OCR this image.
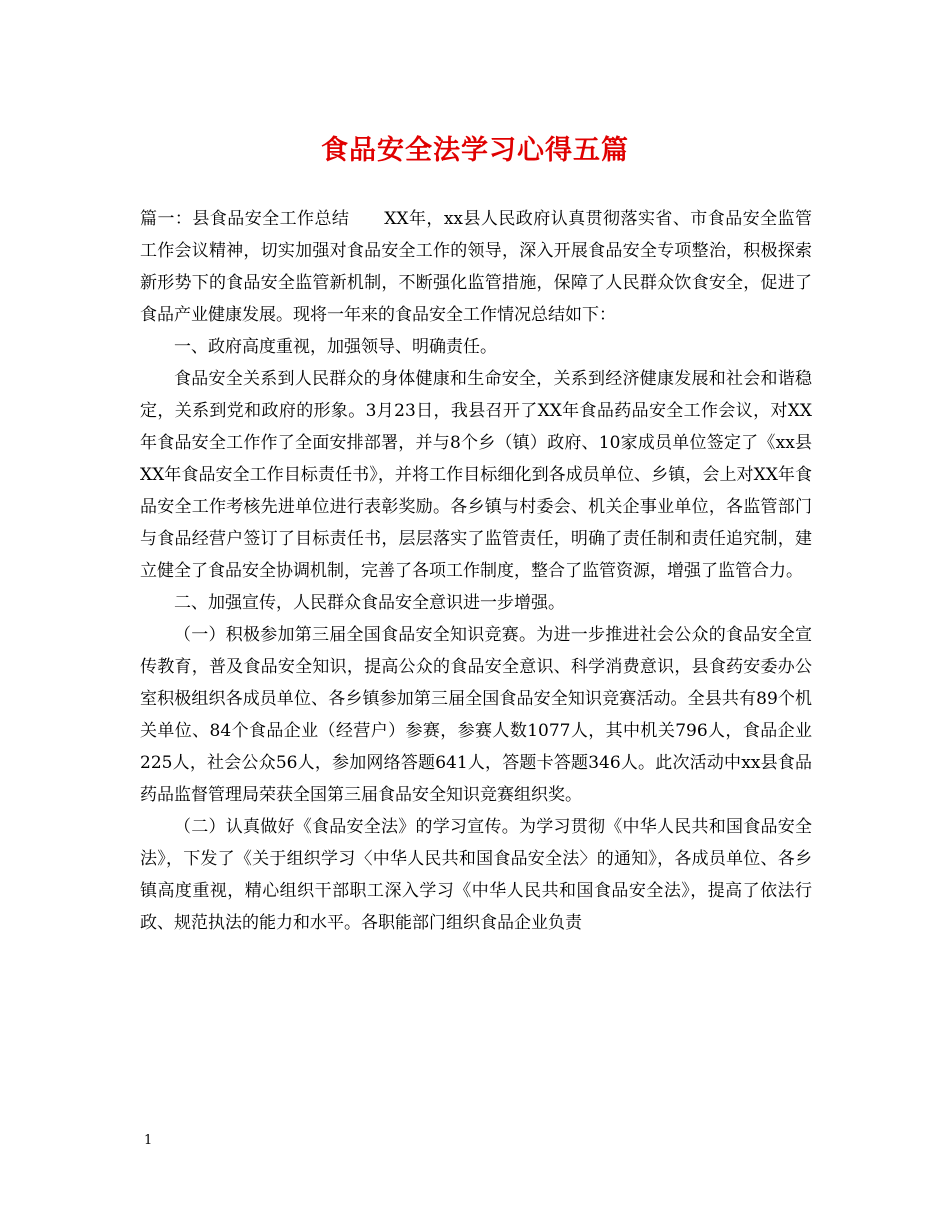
食品安全法学习心得五篇

篇一：县食品安全工作总结　　XX年，xx县人民政府认真贯彻落实省、市食品安全监管工作会议精神，切实加强对食品安全工作的领导，深入开展食品安全专项整治，积极探索新形势下的食品安全监管新机制，不断强化监管措施，保障了人民群众饮食安全，促进了食品产业健康发展。现将一年来的食品安全工作情况总结如下：

一、政府高度重视，加强领导、明确责任。

食品安全关系到人民群众的身体健康和生命安全，关系到经济健康发展和社会和谐稳定，关系到党和政府的形象。3月23日，我县召开了XX年食品药品安全工作会议，对XX年食品安全工作作了全面安排部署，并与8个乡（镇）政府、10家成员单位签定了《xx县XX年食品安全工作目标责任书》，并将工作目标细化到各成员单位、乡镇，会上对XX年食品安全工作考核先进单位进行表彰奖励。各乡镇与村委会、机关企事业单位，各监管部门与食品经营户签订了目标责任书，层层落实了监管责任，明确了责任制和责任追究制，建立健全了食品安全协调机制，完善了各项工作制度，整合了监管资源，增强了监管合力。

二、加强宣传，人民群众食品安全意识进一步增强。

（一）积极参加第三届全国食品安全知识竞赛。为进一步推进社会公众的食品安全宣传教育，普及食品安全知识，提高公众的食品安全意识、科学消费意识，县食药安委办公室积极组织各成员单位、各乡镇参加第三届全国食品安全知识竞赛活动。全县共有89个机关单位、84个食品企业（经营户）参赛，参赛人数1077人，其中机关796人，食品企业225人，社会公众56人，参加网络答题641人，答题卡答题346人。此次活动中xx县食品药品监督管理局荣获全国第三届食品安全知识竞赛组织奖。

（二）认真做好《食品安全法》的学习宣传。为学习贯彻《中华人民共和国食品安全法》，下发了《关于组织学习〈中华人民共和国食品安全法〉的通知》，各成员单位、各乡镇高度重视，精心组织干部职工深入学习《中华人民共和国食品安全法》，提高了依法行政、规范执法的能力和水平。各职能部门组织食品企业负责

1
